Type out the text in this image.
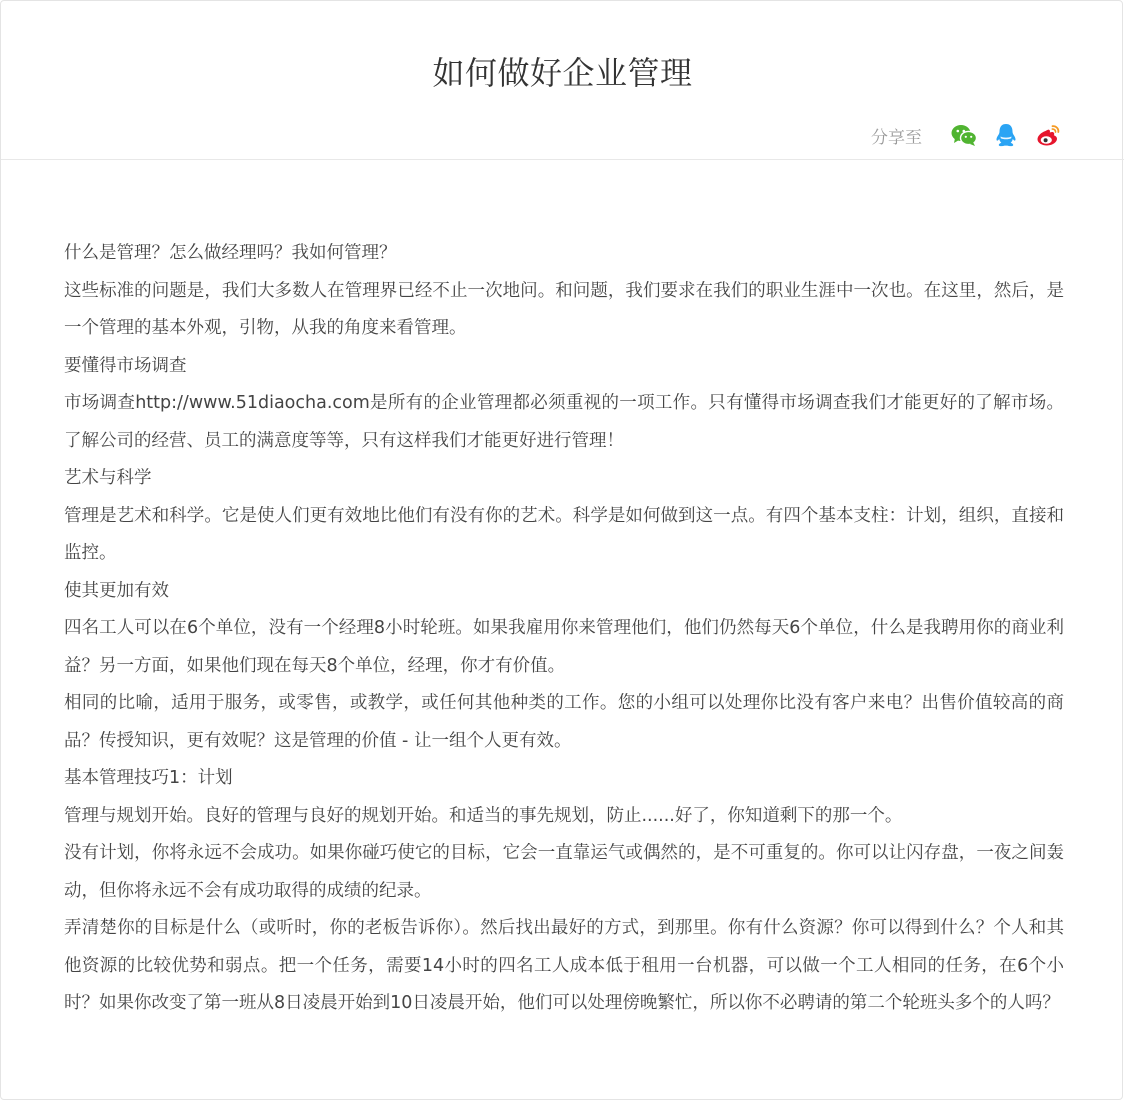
如何做好企业管理
分享至

什么是管理？怎么做经理吗？我如何管理？

这些标准的问题是，我们大多数人在管理界已经不止一次地问。和问题，我们要求在我们的职业生涯中一次也。在这里，然后，是一个管理的基本外观，引物，从我的角度来看管理。

要懂得市场调查

市场调查http://www.51diaocha.com是所有的企业管理都必须重视的一项工作。只有懂得市场调查我们才能更好的了解市场。了解公司的经营、员工的满意度等等，只有这样我们才能更好进行管理！

艺术与科学

管理是艺术和科学。它是使人们更有效地比他们有没有你的艺术。科学是如何做到这一点。有四个基本支柱：计划，组织，直接和监控。

使其更加有效

四名工人可以在6个单位，没有一个经理8小时轮班。如果我雇用你来管理他们，他们仍然每天6个单位，什么是我聘用你的商业利益？另一方面，如果他们现在每天8个单位，经理，你才有价值。

相同的比喻，适用于服务，或零售，或教学，或任何其他种类的工作。您的小组可以处理你比没有客户来电？出售价值较高的商品？传授知识，更有效呢？这是管理的价值 - 让一组个人更有效。

基本管理技巧1：计划

管理与规划开始。良好的管理与良好的规划开始。和适当的事先规划，防止......好了，你知道剩下的那一个。

没有计划，你将永远不会成功。如果你碰巧使它的目标，它会一直靠运气或偶然的，是不可重复的。你可以让闪存盘，一夜之间轰动，但你将永远不会有成功取得的成绩的纪录。

弄清楚你的目标是什么（或听时，你的老板告诉你）。然后找出最好的方式，到那里。你有什么资源？你可以得到什么？个人和其他资源的比较优势和弱点。把一个任务，需要14小时的四名工人成本低于租用一台机器，可以做一个工人相同的任务，在6个小时？如果你改变了第一班从8日凌晨开始到10日凌晨开始，他们可以处理傍晚繁忙，所以你不必聘请的第二个轮班头多个的人吗？
